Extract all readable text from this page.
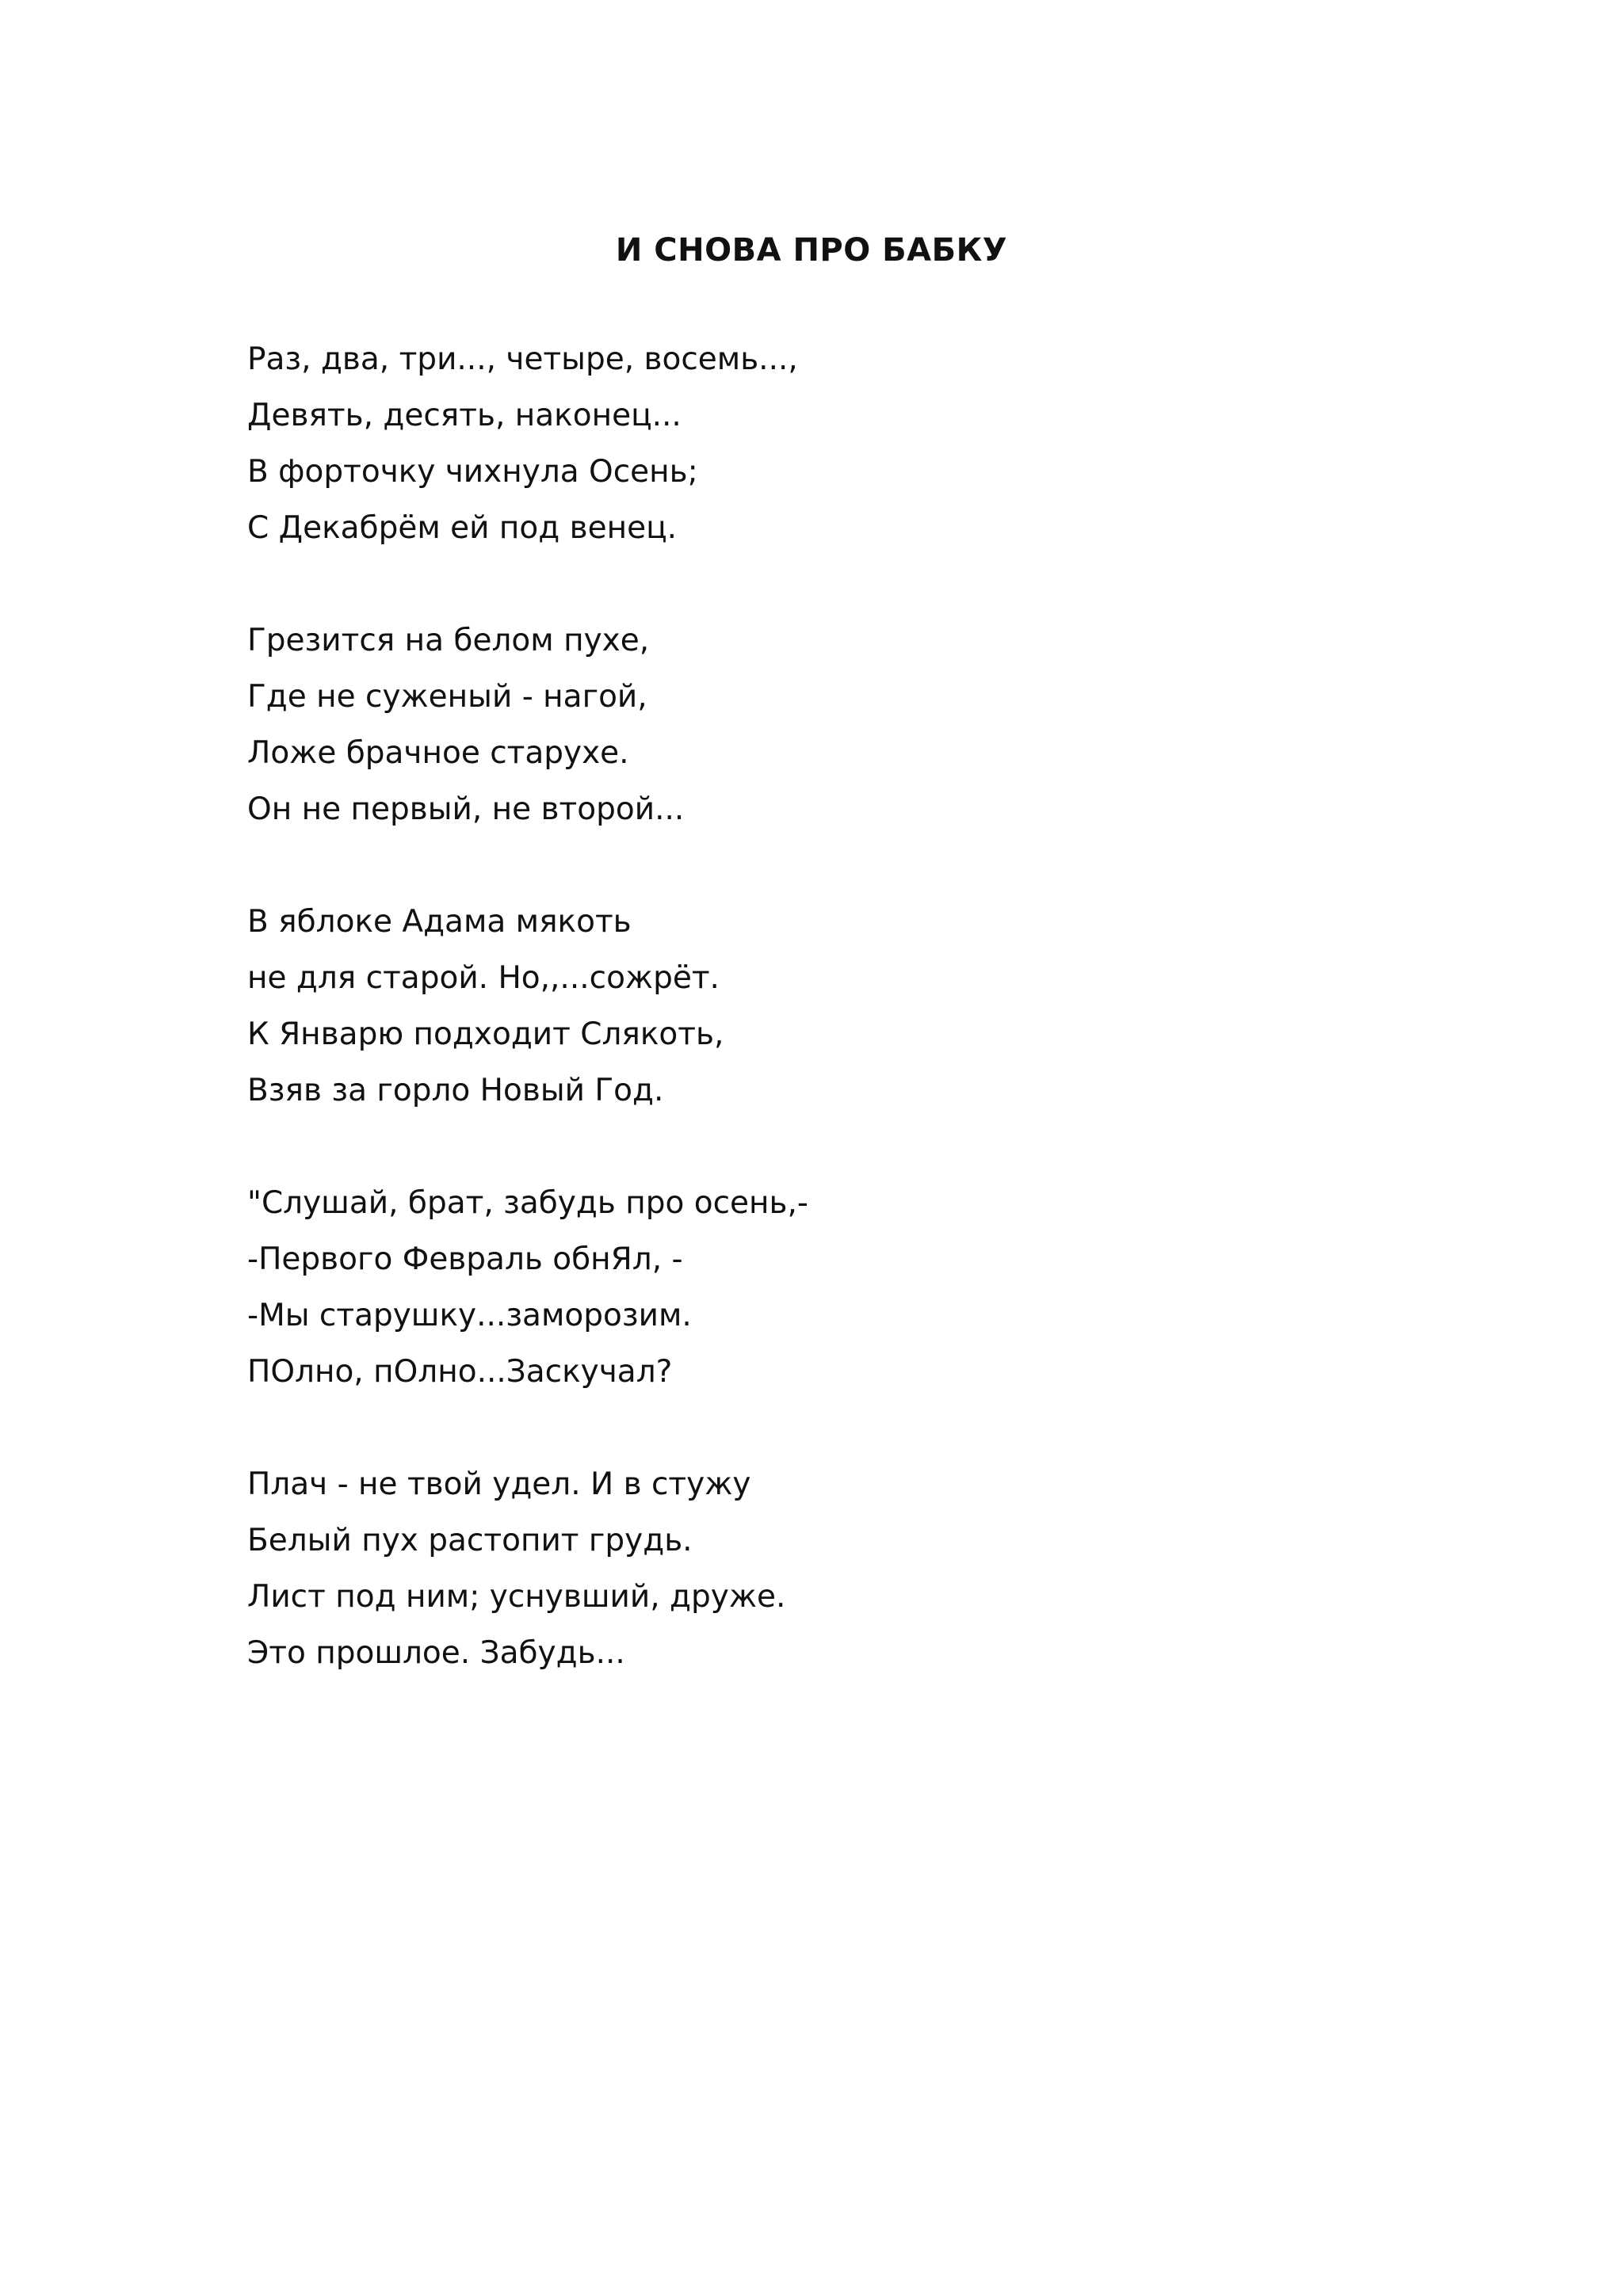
И СНОВА ПРО БАБКУ
Раз, два, три..., четыре, восемь...,
Девять, десять, наконец...
В форточку чихнула Осень;
С Декабрём ей под венец.
Грезится на белом пухе,
Где не суженый - нагой,
Ложе брачное старухе.
Он не первый, не второй...
В яблоке Адама мякоть
не для старой. Но,,...сожрёт.
К Январю подходит Слякоть,
Взяв за горло Новый Год.
"Слушай, брат, забудь про осень,-
-Первого Февраль обнЯл, -
-Мы старушку...заморозим.
ПОлно, пОлно...Заскучал?
Плач - не твой удел. И в стужу
Белый пух растопит грудь.
Лист под ним; уснувший, друже.
Это прошлое. Забудь...
